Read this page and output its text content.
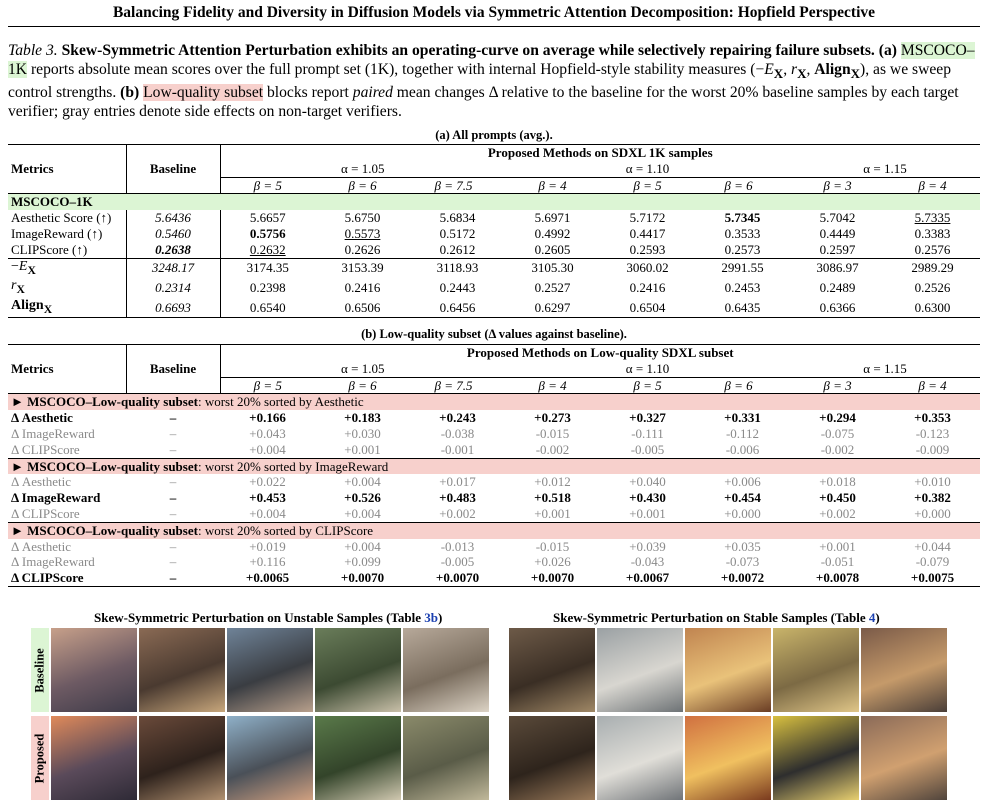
Balancing Fidelity and Diversity in Diffusion Models via Symmetric Attention Decomposition: Hopfield Perspective
Table 3. Skew-Symmetric Attention Perturbation exhibits an operating-curve on average while selectively repairing failure subsets. (a) MSCOCO–1K reports absolute mean scores over the full prompt set (1K), together with internal Hopfield-style stability measures ($-E_X$, $r_X$, Align$_X$), as we sweep control strengths. (b) Low-quality subset blocks report paired mean changes Δ relative to the baseline for the worst 20% baseline samples by each target verifier; gray entries denote side effects on non-target verifiers.
(a) All prompts (avg.).
Metrics	Baseline	Proposed Methods on SDXL 1K samples							
		α = 1.05			α = 1.10			α = 1.15	
		β = 5	β = 6	β = 7.5	β = 4	β = 5	β = 6	β = 3	β = 4
MSCOCO–1K									
Aesthetic Score (↑)	5.6436	5.6657	5.6750	5.6834	5.6971	5.7172	5.7345	5.7042	5.7335
ImageReward (↑)	0.5460	0.5756	0.5573	0.5172	0.4992	0.4417	0.3533	0.4449	0.3383
CLIPScore (↑)	0.2638	0.2632	0.2626	0.2612	0.2605	0.2593	0.2573	0.2597	0.2576
$-E_X$	3248.17	3174.35	3153.39	3118.93	3105.30	3060.02	2991.55	3086.97	2989.29
$r_X$	0.2314	0.2398	0.2416	0.2443	0.2527	0.2416	0.2453	0.2489	0.2526
Align$_X$	0.6693	0.6540	0.6506	0.6456	0.6297	0.6504	0.6435	0.6366	0.6300
(b) Low-quality subset (Δ values against baseline).
Metrics	Baseline	Proposed Methods on Low-quality SDXL subset							
		α = 1.05			α = 1.10			α = 1.15	
		β = 5	β = 6	β = 7.5	β = 4	β = 5	β = 6	β = 3	β = 4
► MSCOCO–Low-quality subset: worst 20% sorted by Aesthetic									
Δ Aesthetic	–	+0.166	+0.183	+0.243	+0.273	+0.327	+0.331	+0.294	+0.353
Δ ImageReward	–	+0.043	+0.030	-0.038	-0.015	-0.111	-0.112	-0.075	-0.123
Δ CLIPScore	–	+0.004	+0.001	-0.001	-0.002	-0.005	-0.006	-0.002	-0.009
► MSCOCO–Low-quality subset: worst 20% sorted by ImageReward									
Δ Aesthetic	–	+0.022	+0.004	+0.017	+0.012	+0.040	+0.006	+0.018	+0.010
Δ ImageReward	–	+0.453	+0.526	+0.483	+0.518	+0.430	+0.454	+0.450	+0.382
Δ CLIPScore	–	+0.004	+0.004	+0.002	+0.001	+0.001	+0.000	+0.002	+0.000
► MSCOCO–Low-quality subset: worst 20% sorted by CLIPScore									
Δ Aesthetic	–	+0.019	+0.004	-0.013	-0.015	+0.039	+0.035	+0.001	+0.044
Δ ImageReward	–	+0.116	+0.099	-0.005	+0.026	-0.043	-0.073	-0.051	-0.079
Δ CLIPScore	–	+0.0065	+0.0070	+0.0070	+0.0070	+0.0067	+0.0072	+0.0078	+0.0075
Skew-Symmetric Perturbation on Unstable Samples (Table 3b)	Skew-Symmetric Perturbation on Stable Samples (Table 4)
Baseline
Proposed
